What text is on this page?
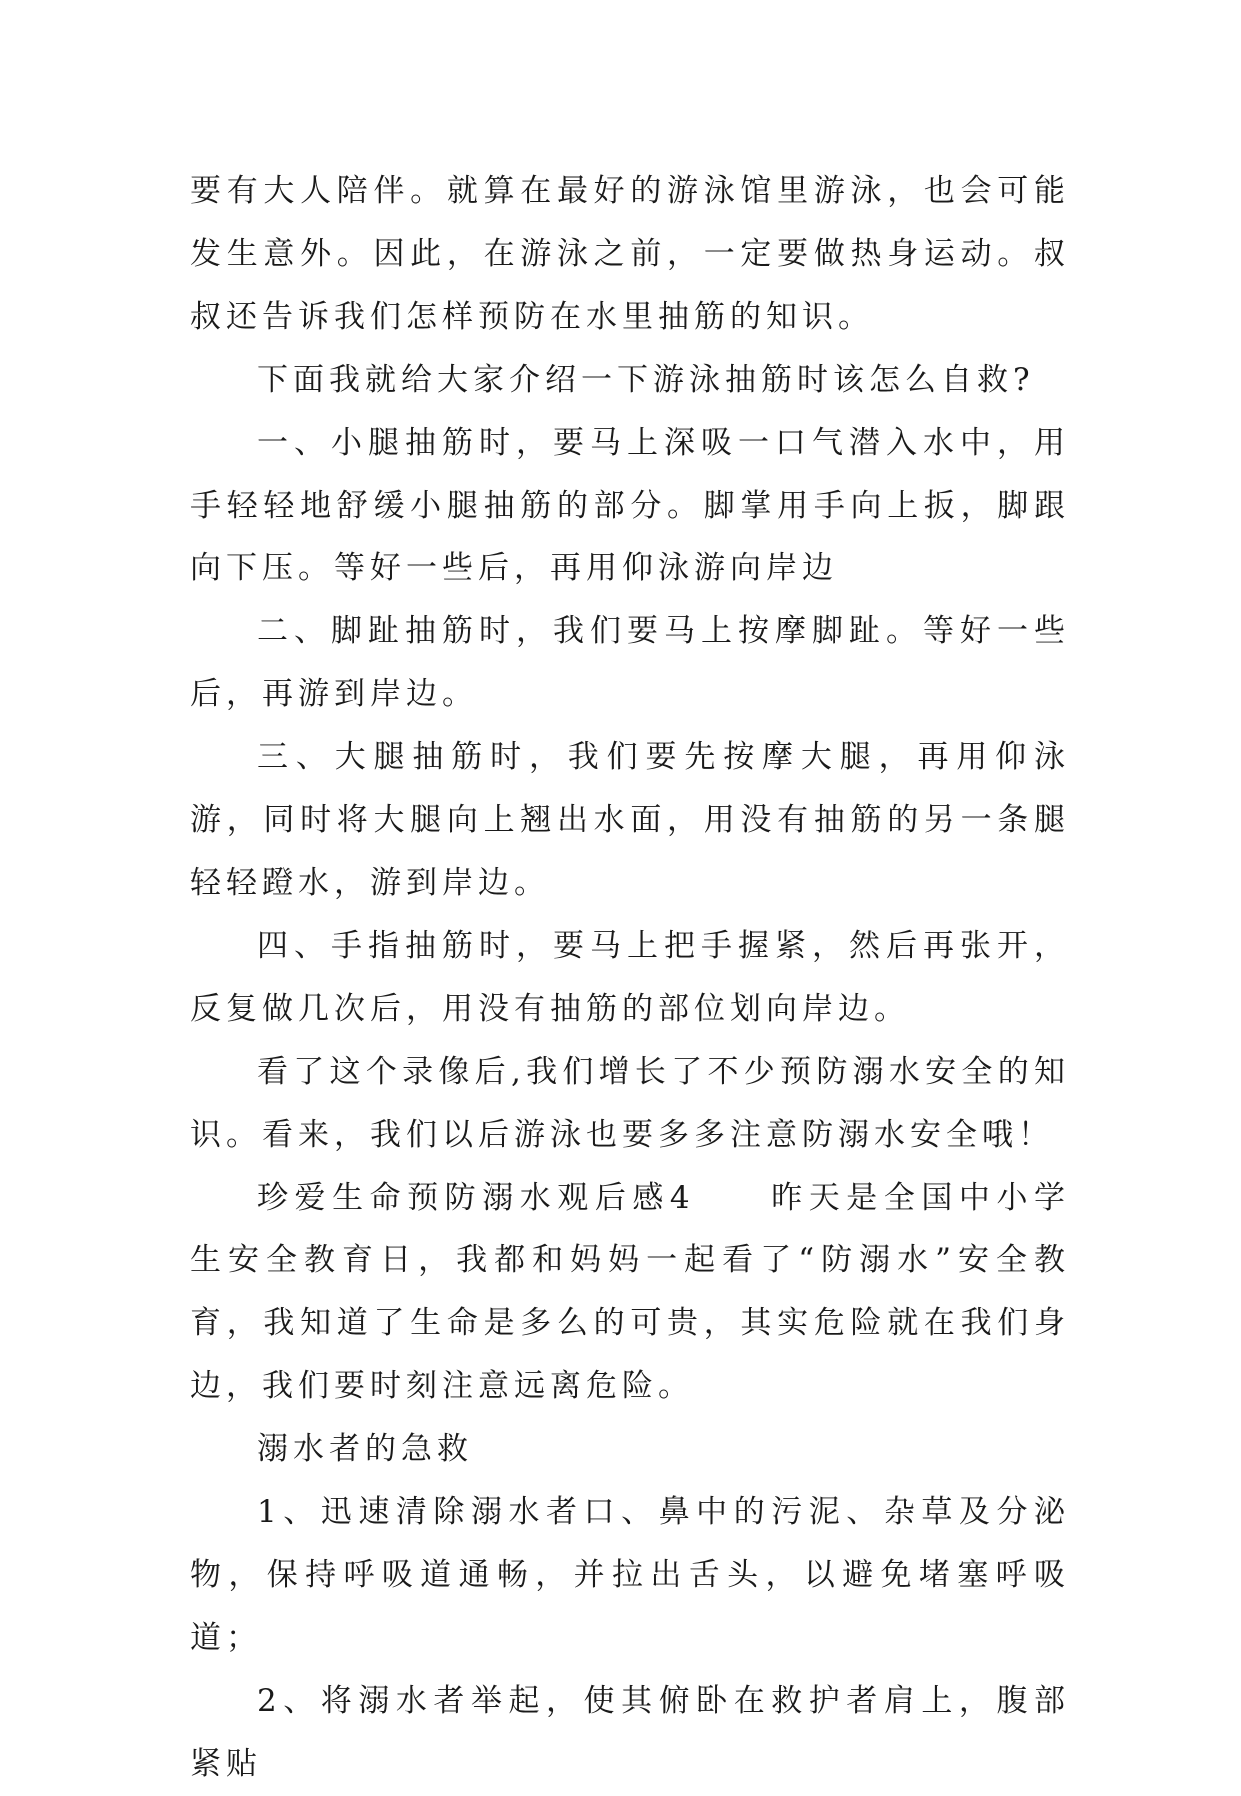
要有大人陪伴。就算在最好的游泳馆里游泳，也会可能发生意外。因此，在游泳之前，一定要做热身运动。叔叔还告诉我们怎样预防在水里抽筋的知识。

下面我就给大家介绍一下游泳抽筋时该怎么自救?

一、小腿抽筋时，要马上深吸一口气潜入水中，用手轻轻地舒缓小腿抽筋的部分。脚掌用手向上扳，脚跟向下压。等好一些后，再用仰泳游向岸边

二、脚趾抽筋时，我们要马上按摩脚趾。等好一些后，再游到岸边。

三、大腿抽筋时，我们要先按摩大腿，再用仰泳游，同时将大腿向上翘出水面，用没有抽筋的另一条腿轻轻蹬水，游到岸边。

四、手指抽筋时，要马上把手握紧，然后再张开，反复做几次后，用没有抽筋的部位划向岸边。

看了这个录像后,我们增长了不少预防溺水安全的知识。看来，我们以后游泳也要多多注意防溺水安全哦！

珍爱生命预防溺水观后感4　　昨天是全国中小学生安全教育日，我都和妈妈一起看了“防溺水”安全教育，我知道了生命是多么的可贵，其实危险就在我们身边，我们要时刻注意远离危险。

溺水者的急救

1、迅速清除溺水者口、鼻中的污泥、杂草及分泌物，保持呼吸道通畅，并拉出舌头，以避免堵塞呼吸道；

2、将溺水者举起，使其俯卧在救护者肩上，腹部紧贴
